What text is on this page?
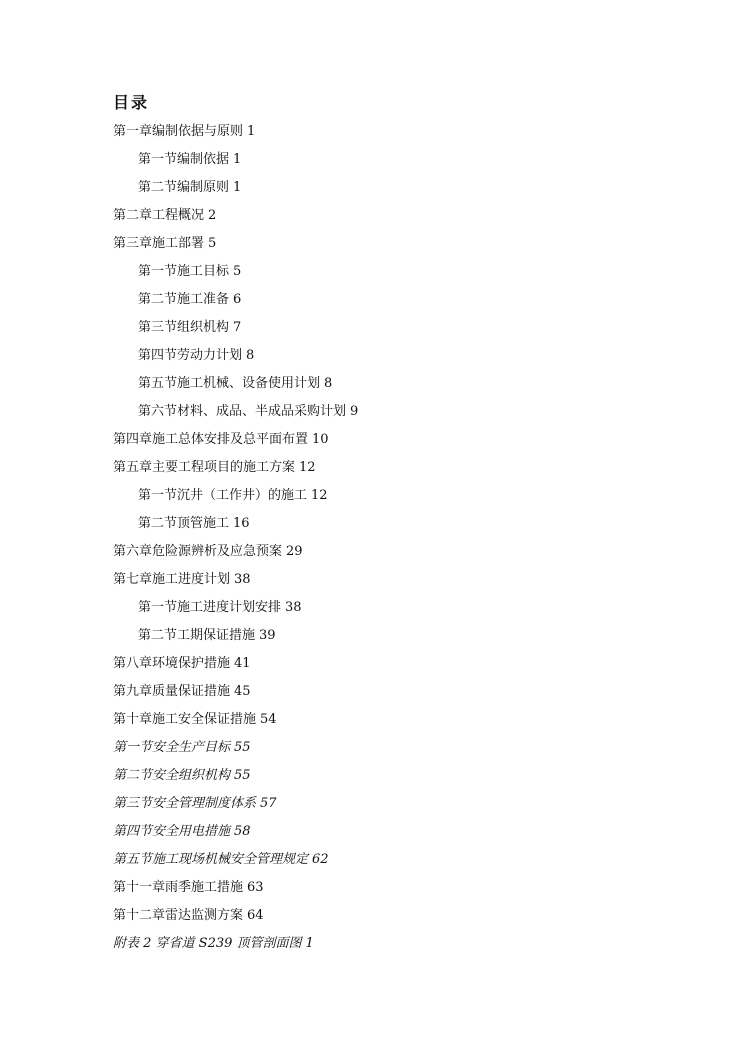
目录
第一章编制依据与原则 1
第一节编制依据 1
第二节编制原则 1
第二章工程概况 2
第三章施工部署 5
第一节施工目标 5
第二节施工准备 6
第三节组织机构 7
第四节劳动力计划 8
第五节施工机械、设备使用计划 8
第六节材料、成品、半成品采购计划 9
第四章施工总体安排及总平面布置 10
第五章主要工程项目的施工方案 12
第一节沉井（工作井）的施工 12
第二节顶管施工 16
第六章危险源辨析及应急预案 29
第七章施工进度计划 38
第一节施工进度计划安排 38
第二节工期保证措施 39
第八章环境保护措施 41
第九章质量保证措施 45
第十章施工安全保证措施 54
第一节安全生产目标 55
第二节安全组织机构 55
第三节安全管理制度体系 57
第四节安全用电措施 58
第五节施工现场机械安全管理规定 62
第十一章雨季施工措施 63
第十二章雷达监测方案 64
附表 2 穿省道 S239 顶管剖面图 1
